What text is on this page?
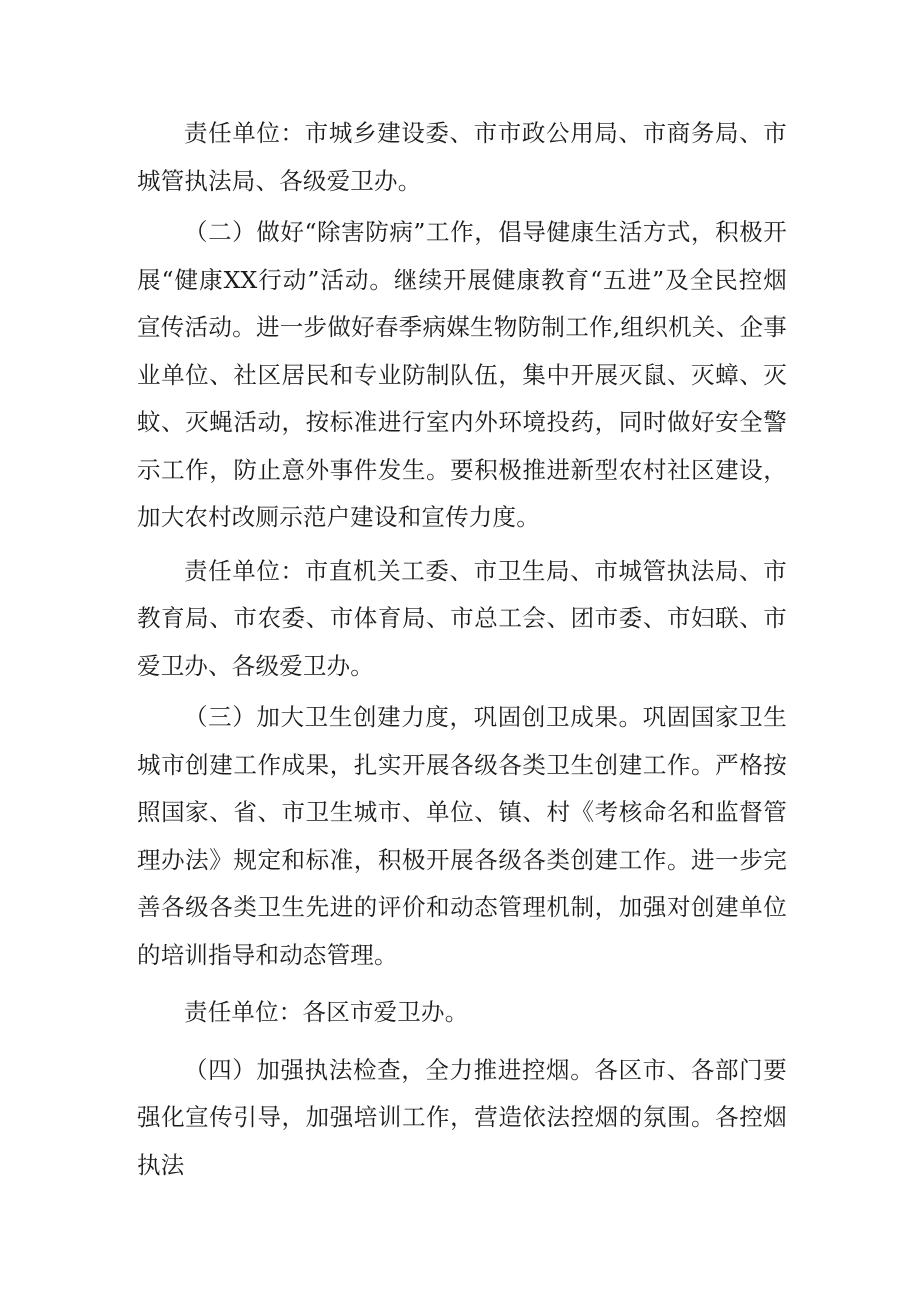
责任单位：市城乡建设委、市市政公用局、市商务局、市城管执法局、各级爱卫办。

（二）做好“除害防病”工作，倡导健康生活方式，积极开展“健康XX行动”活动。继续开展健康教育“五进”及全民控烟宣传活动。进一步做好春季病媒生物防制工作,组织机关、企事业单位、社区居民和专业防制队伍，集中开展灭鼠、灭蟑、灭蚊、灭蝇活动，按标准进行室内外环境投药，同时做好安全警示工作，防止意外事件发生。要积极推进新型农村社区建设，加大农村改厕示范户建设和宣传力度。

责任单位：市直机关工委、市卫生局、市城管执法局、市教育局、市农委、市体育局、市总工会、团市委、市妇联、市爱卫办、各级爱卫办。

（三）加大卫生创建力度，巩固创卫成果。巩固国家卫生城市创建工作成果，扎实开展各级各类卫生创建工作。严格按照国家、省、市卫生城市、单位、镇、村《考核命名和监督管理办法》规定和标准，积极开展各级各类创建工作。进一步完善各级各类卫生先进的评价和动态管理机制，加强对创建单位的培训指导和动态管理。

责任单位：各区市爱卫办。

（四）加强执法检查，全力推进控烟。各区市、各部门要强化宣传引导，加强培训工作，营造依法控烟的氛围。各控烟执法
